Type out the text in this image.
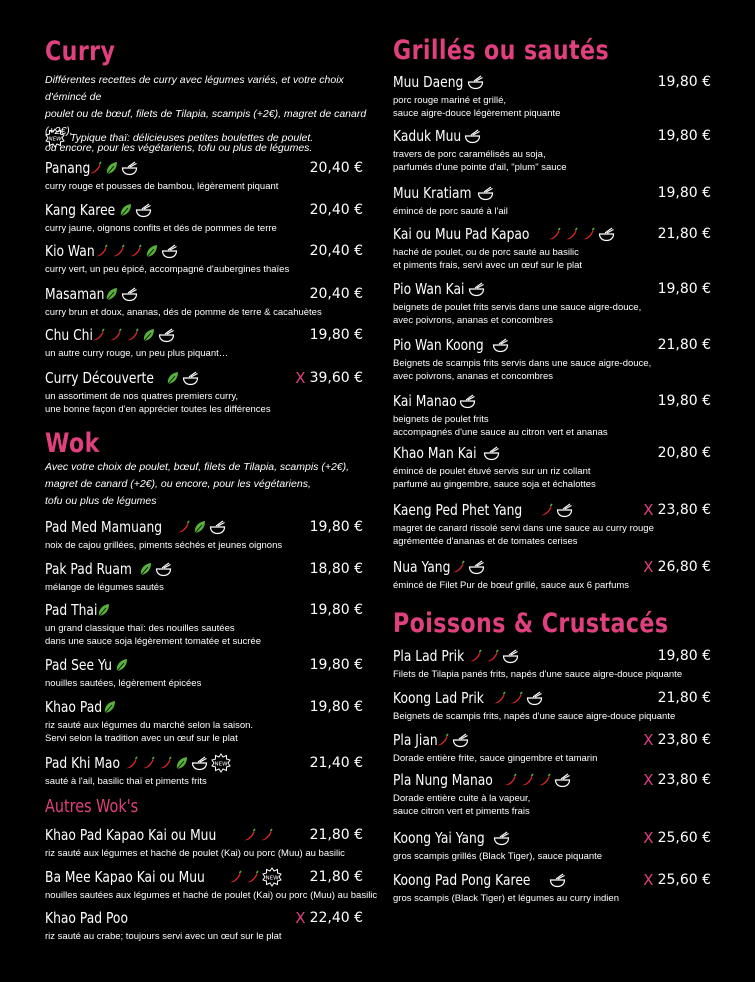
Curry

Différentes recettes de curry avec légumes variés, et votre choix d'émincé de

poulet ou de bœuf, filets de Tilapia, scampis (+2€), magret de canard (+2€),

ou encore, pour les végétariens, tofu ou plus de légumes.

NEW Typique thaï: délicieuses petites boulettes de poulet.
Panang	20,40 €
curry rouge et pousses de bambou, légèrement piquant
Kang Karee	20,40 €
curry jaune, oignons confits et dés de pommes de terre
Kio Wan	20,40 €
curry vert, un peu épicé, accompagné d'aubergines thaïes
Masaman	20,40 €
curry brun et doux, ananas, dés de pomme de terre & cacahuètes
Chu Chi	19,80 €
un autre curry rouge, un peu plus piquant…
Curry Découverte	X 39,60 €
un assortiment de nos quatres premiers curry,
une bonne façon d'en apprécier toutes les différences
Wok

Avec votre choix de poulet, bœuf, filets de Tilapia, scampis (+2€),

magret de canard (+2€), ou encore, pour les végétariens,

tofu ou plus de légumes

Pad Med Mamuang	19,80 €
noix de cajou grillées, piments séchés et jeunes oignons
Pak Pad Ruam	18,80 €
mélange de légumes sautés
Pad Thai	19,80 €
un grand classique thaï: des nouilles sautées
dans une sauce soja légèrement tomatée et sucrée
Pad See Yu	19,80 €
nouilles sautées, légèrement épicées
Khao Pad	19,80 €
riz sauté aux légumes du marché selon la saison.
Servi selon la tradition avec un œuf sur le plat
Pad Khi Mao	NEW	21,40 €
sauté à l'ail, basilic thaï et piments frits
Autres Wok's
Khao Pad Kapao Kai ou Muu	21,80 €
riz sauté aux légumes et haché de poulet (Kai) ou porc (Muu) au basilic
Ba Mee Kapao Kai ou Muu	NEW 21,80 €
nouilles sautées aux légumes et haché de poulet (Kai) ou porc (Muu) au basilic
Khao Pad Poo	X 22,40 €
riz sauté au crabe; toujours servi avec un œuf sur le plat
Grillés ou sautés
Muu Daeng	19,80 €
porc rouge mariné et grillé,
sauce aigre-douce légèrement piquante
Kaduk Muu	19,80 €
travers de porc caramélisés au soja,
parfumés d'une pointe d'ail, "plum" sauce
Muu Kratiam	19,80 €
émincé de porc sauté à l'ail
Kai ou Muu Pad Kapao	21,80 €
haché de poulet, ou de porc sauté au basilic
et piments frais, servi avec un œuf sur le plat
Pio Wan Kai	19,80 €
beignets de poulet frits servis dans une sauce aigre-douce,
avec poivrons, ananas et concombres
Pio Wan Koong	21,80 €
Beignets de scampis frits servis dans une sauce aigre-douce,
avec poivrons, ananas et concombres
Kai Manao	19,80 €
beignets de poulet frits
accompagnés d'une sauce au citron vert et ananas
Khao Man Kai	20,80 €
émincé de poulet étuvé servis sur un riz collant
parfumé au gingembre, sauce soja et échalottes
Kaeng Ped Phet Yang	X 23,80 €
magret de canard rissolé servi dans une sauce au curry rouge
agrémentée d'ananas et de tomates cerises
Nua Yang	X 26,80 €
émincé de Filet Pur de bœuf grillé, sauce aux 6 parfums
Poissons & Crustacés
Pla Lad Prik	19,80 €
Filets de Tilapia panés frits, napés d'une sauce aigre-douce piquante
Koong Lad Prik	21,80 €
Beignets de scampis frits, napés d'une sauce aigre-douce piquante
Pla Jian	X 23,80 €
Dorade entière frite, sauce gingembre et tamarin
Pla Nung Manao	X 23,80 €
Dorade entière cuite à la vapeur,
sauce citron vert et piments frais
Koong Yai Yang	X 25,60 €
gros scampis grillés (Black Tiger), sauce piquante
Koong Pad Pong Karee	X 25,60 €
gros scampis (Black Tiger) et légumes au curry indien
